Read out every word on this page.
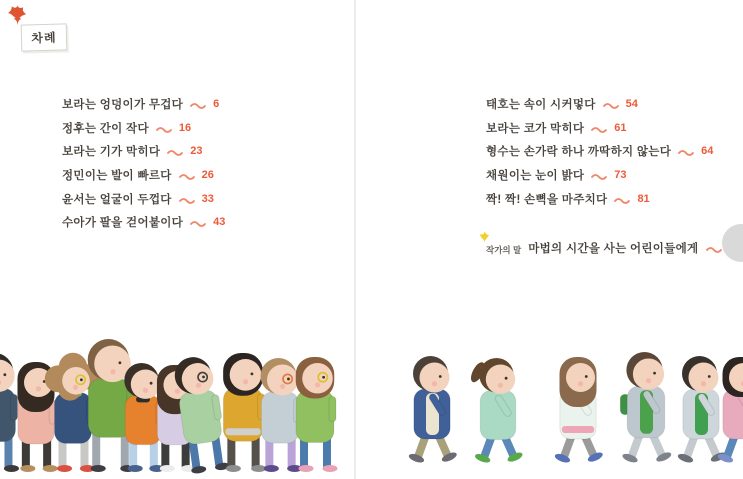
차례
보라는 엉덩이가 무겁다	6
정후는 간이 작다	16
보라는 기가 막히다	23
정민이는 발이 빠르다	26
윤서는 얼굴이 두껍다	33
수아가 팔을 걷어붙이다	43
태호는 속이 시커멓다	54
보라는 코가 막히다	61
형수는 손가락 하나 까딱하지 않는다	64
채원이는 눈이 밝다	73
짝! 짝! 손뼉을 마주치다	81
작가의 말 마법의 시간을 사는 어린이들에게
